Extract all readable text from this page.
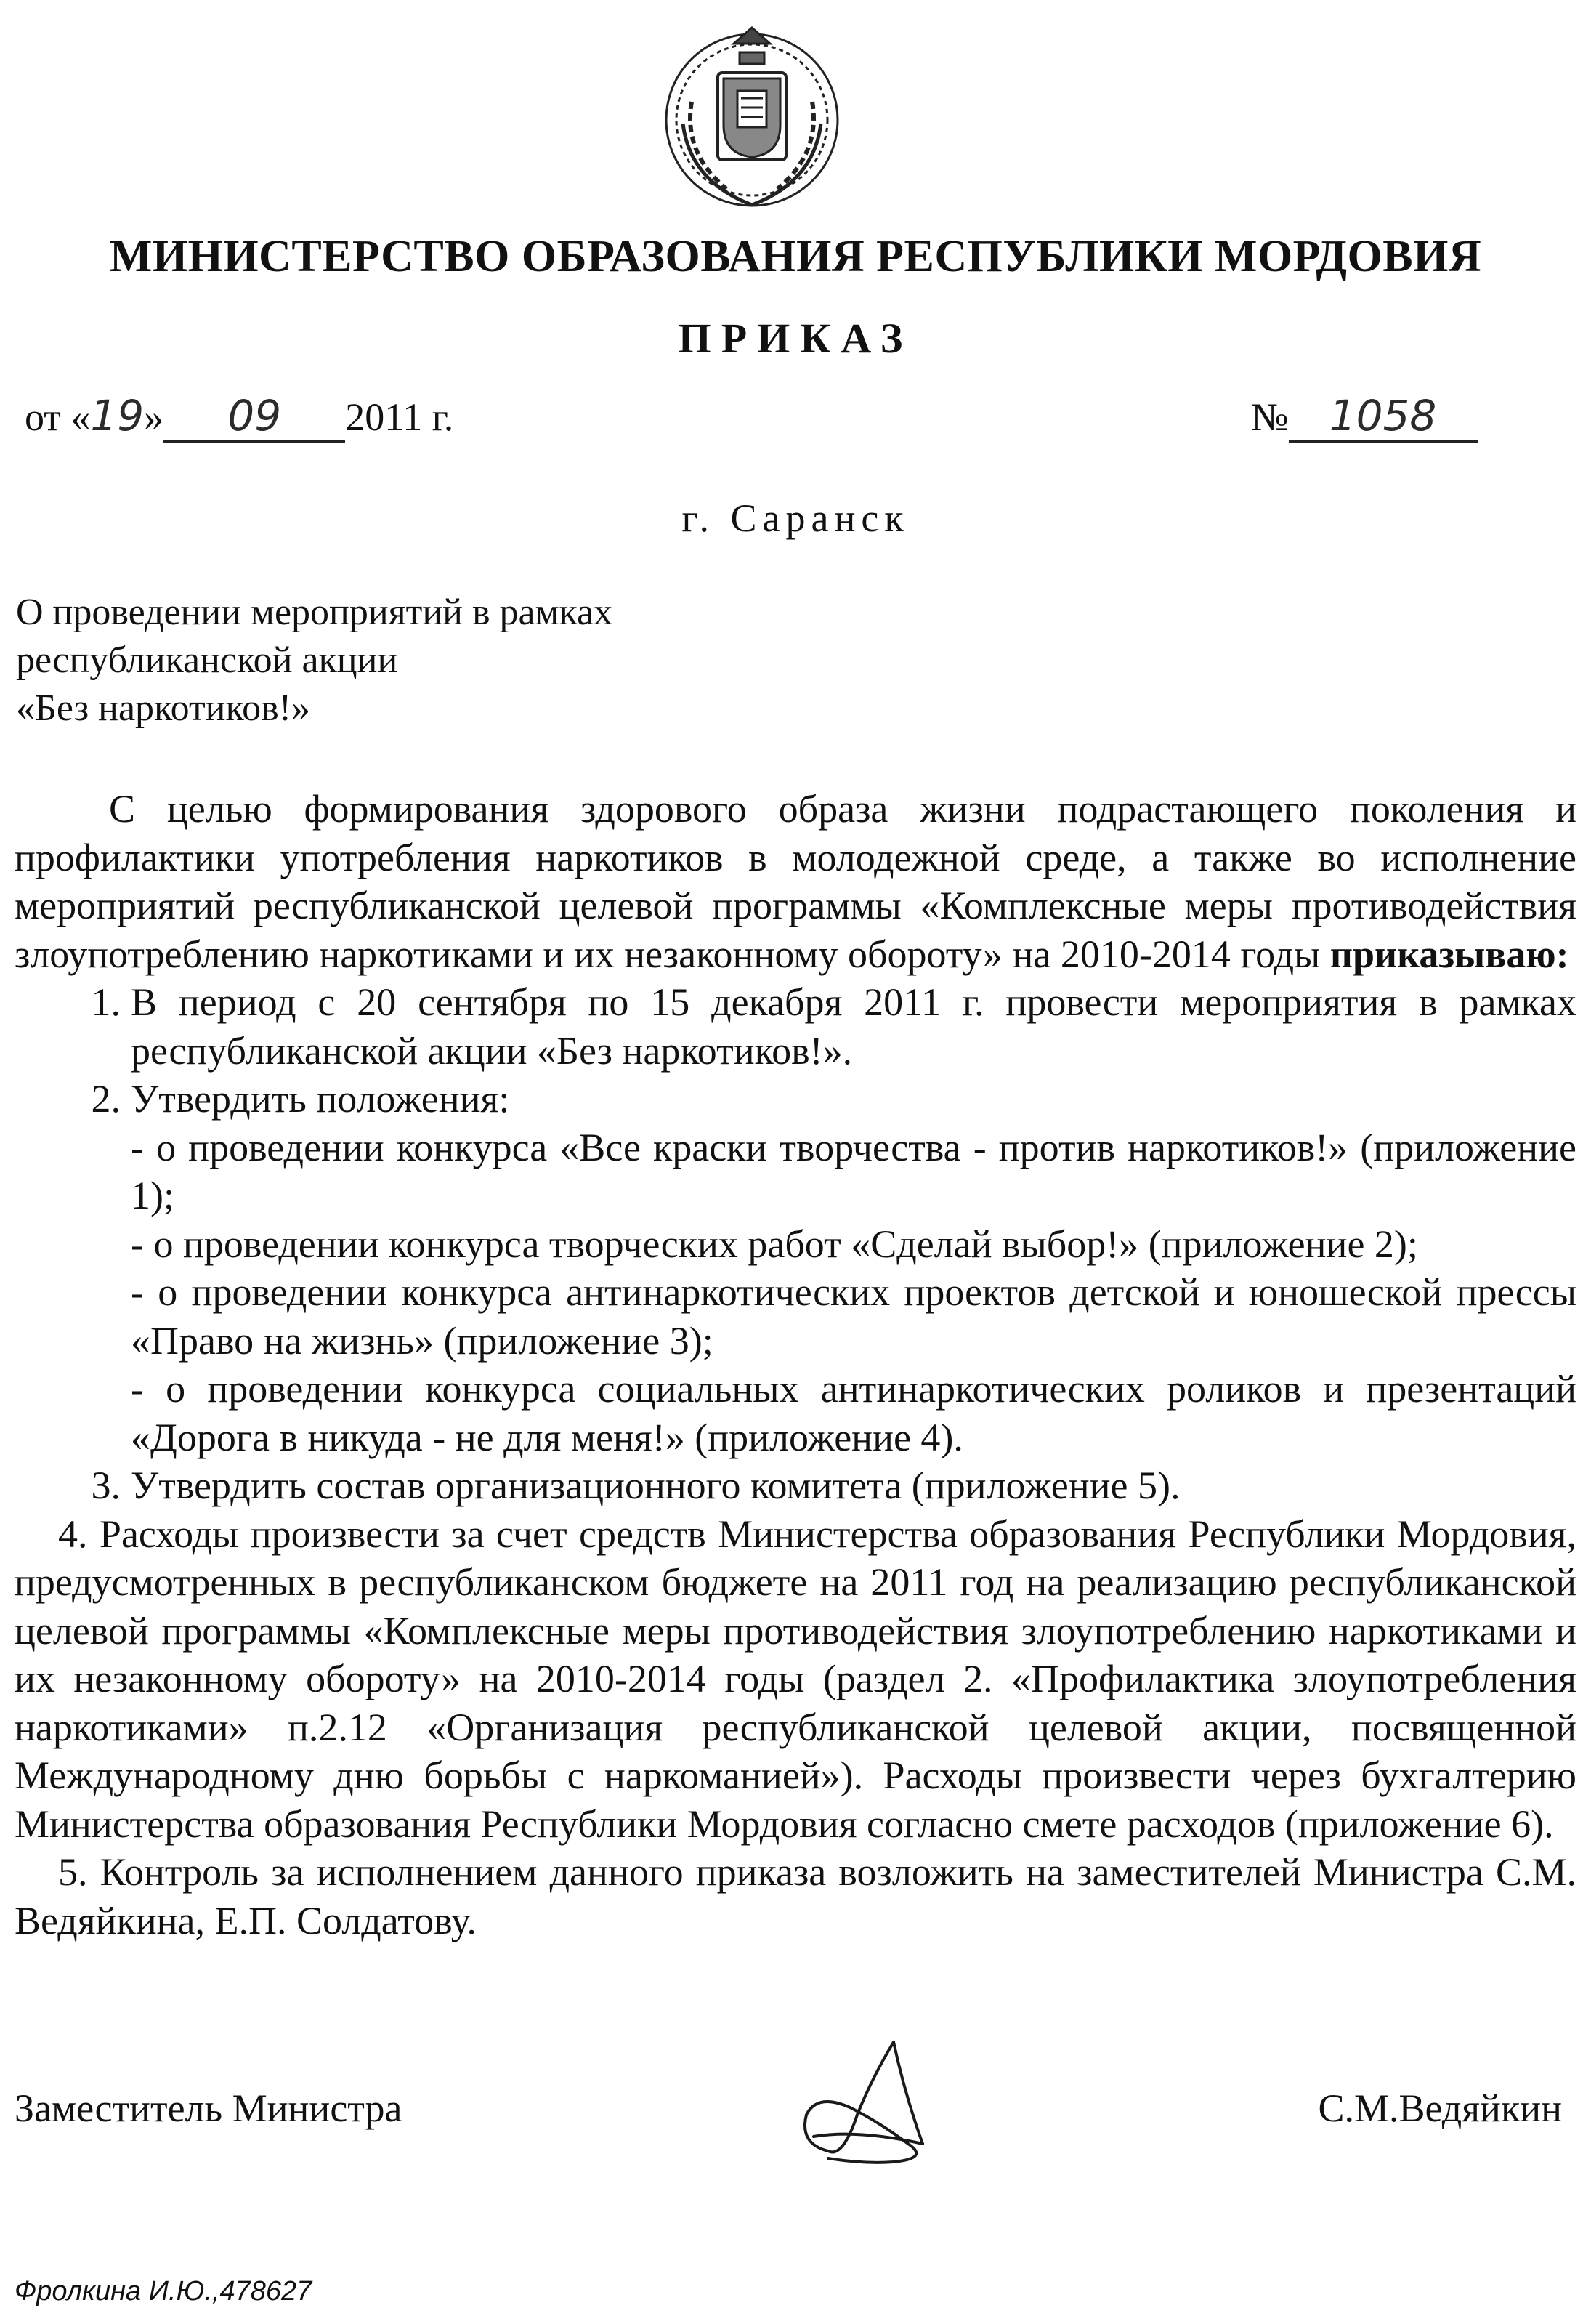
МИНИСТЕРСТВО ОБРАЗОВАНИЯ РЕСПУБЛИКИ МОРДОВИЯ
ПРИКАЗ
от «19» 09 2011 г.	№ 1058
г. Саранск
О проведении мероприятий в рамках
республиканской акции
«Без наркотиков!»

С целью формирования здорового образа жизни подрастающего поколения и профилактики употребления наркотиков в молодежной среде, а также во исполнение мероприятий республиканской целевой программы «Комплексные меры противодействия злоупотреблению наркотиками и их незаконному обороту» на 2010-2014 годы приказываю:

1. В период с 20 сентября по 15 декабря 2011 г. провести мероприятия в рамках республиканской акции «Без наркотиков!».
2. Утвердить положения:

- о проведении конкурса «Все краски творчества - против наркотиков!» (приложение 1);

- о проведении конкурса творческих работ «Сделай выбор!» (приложение 2);

- о проведении конкурса антинаркотических проектов детской и юношеской прессы «Право на жизнь» (приложение 3);

- о проведении конкурса социальных антинаркотических роликов и презентаций «Дорога в никуда - не для меня!» (приложение 4).

3. Утвердить состав организационного комитета (приложение 5).

4. Расходы произвести за счет средств Министерства образования Республики Мордовия, предусмотренных в республиканском бюджете на 2011 год на реализацию республиканской целевой программы «Комплексные меры противодействия злоупотреблению наркотиками и их незаконному обороту» на 2010-2014 годы (раздел 2. «Профилактика злоупотребления наркотиками» п.2.12 «Организация республиканской целевой акции, посвященной Международному дню борьбы с наркоманией»). Расходы произвести через бухгалтерию Министерства образования Республики Мордовия согласно смете расходов (приложение 6).

5. Контроль за исполнением данного приказа возложить на заместителей Министра С.М. Ведяйкина, Е.П. Солдатову.

Заместитель Министра	С.М.Ведяйкин
Фролкина И.Ю.,478627
